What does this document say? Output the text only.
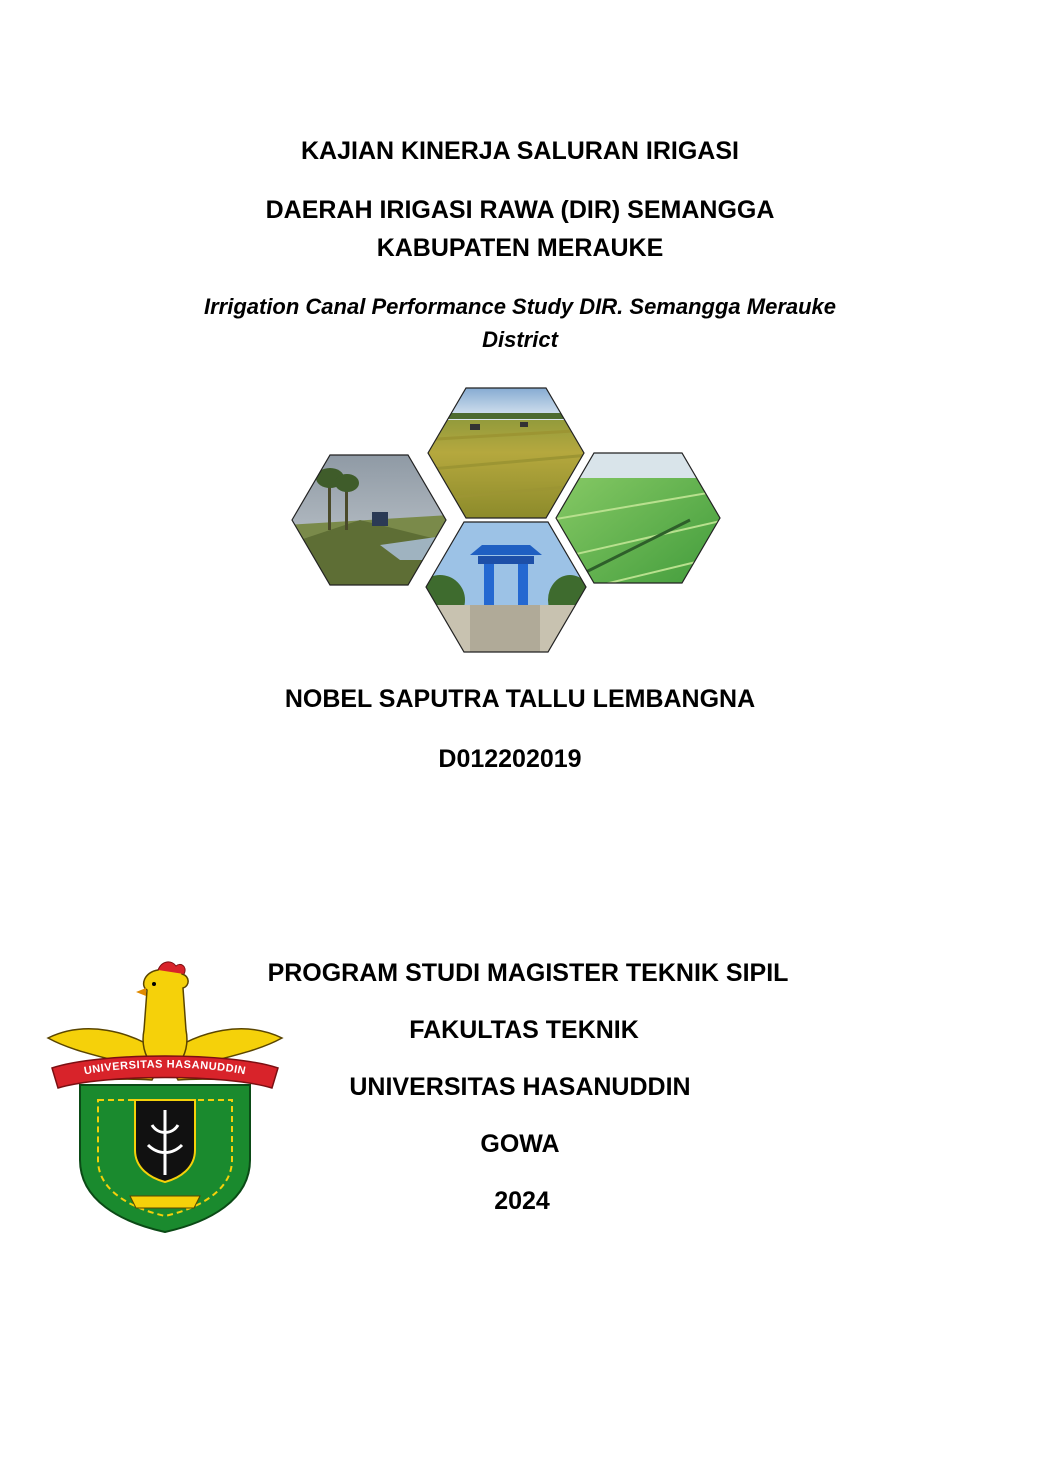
KAJIAN KINERJA SALURAN IRIGASI
DAERAH IRIGASI RAWA (DIR) SEMANGGA
KABUPATEN MERAUKE
Irrigation Canal Performance Study DIR. Semangga Merauke
District
NOBEL SAPUTRA TALLU LEMBANGNA
D012202019
UNIVERSITAS HASANUDDIN
PROGRAM STUDI MAGISTER TEKNIK SIPIL
FAKULTAS TEKNIK
UNIVERSITAS HASANUDDIN
GOWA
2024
